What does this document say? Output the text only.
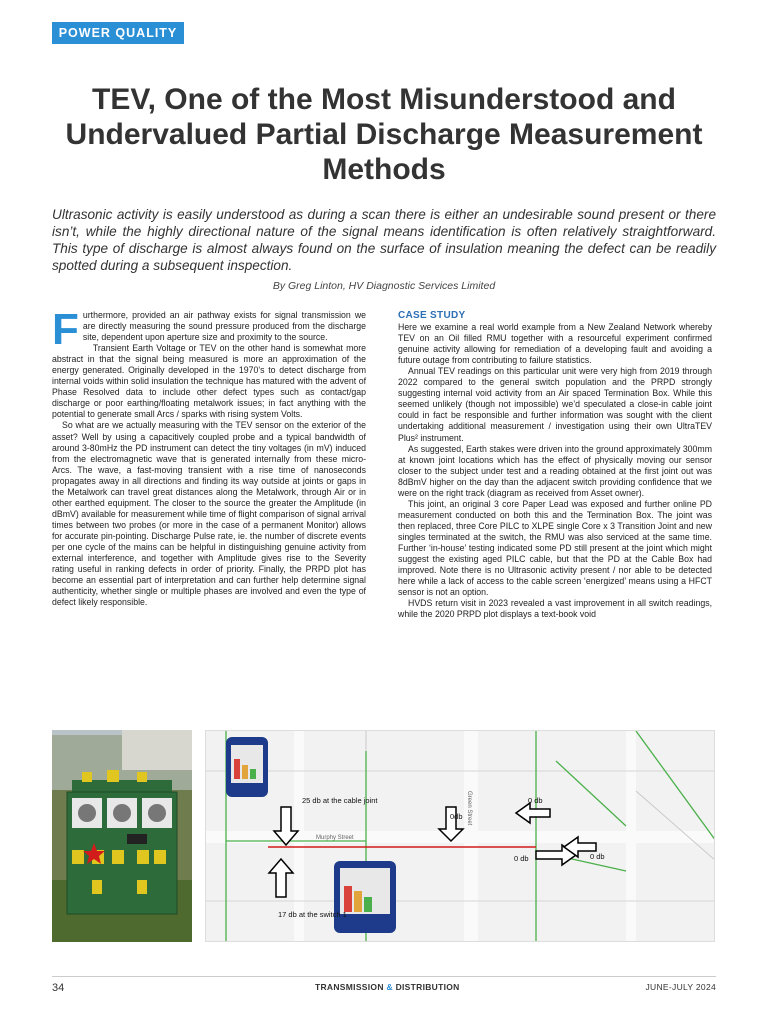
POWER QUALITY
TEV, One of the Most Misunderstood and Undervalued Partial Discharge Measurement Methods

Ultrasonic activity is easily understood as during a scan there is either an undesirable sound present or there isn’t, while the highly directional nature of the signal means identification is often relatively straightforward. This type of discharge is almost always found on the surface of insulation meaning the defect can be readily spotted during a subsequent inspection.

By Greg Linton, HV Diagnostic Services Limited

Furthermore, provided an air pathway exists for signal transmission we are directly measuring the sound pressure produced from the discharge site, dependent upon aperture size and proximity to the source.

Transient Earth Voltage or TEV on the other hand is somewhat more abstract in that the signal being measured is more an approximation of the energy generated. Originally developed in the 1970’s to detect discharge from internal voids within solid insulation the technique has matured with the advent of Phase Resolved data to include other defect types such as contact/gap discharge or poor earthing/floating metalwork issues; in fact anything with the potential to generate small Arcs / sparks with rising system Volts.

So what are we actually measuring with the TEV sensor on the exterior of the asset? Well by using a capacitively coupled probe and a typical bandwidth of around 3-80mHz the PD instrument can detect the tiny voltages (in mV) induced from the electromagnetic wave that is generated internally from these micro-Arcs. The wave, a fast-moving transient with a rise time of nanoseconds propagates away in all directions and finding its way outside at joints or gaps in the Metalwork can travel great distances along the Metalwork, through Air or in other earthed equipment. The closer to the source the greater the Amplitude (in dBmV) available for measurement while time of flight comparison of signal arrival times between two probes (or more in the case of a permanent Monitor) allows for accurate pin-pointing. Discharge Pulse rate, ie. the number of discrete events per one cycle of the mains can be helpful in distinguishing genuine activity from external interference, and together with Amplitude gives rise to the Severity rating useful in ranking defects in order of priority. Finally, the PRPD plot has become an essential part of interpretation and can further help determine signal authenticity, whether single or multiple phases are involved and even the type of defect likely responsible.

CASE STUDY

Here we examine a real world example from a New Zealand Network whereby TEV on an Oil filled RMU together with a resourceful experiment confirmed genuine activity allowing for remediation of a developing fault and avoiding a future outage from contributing to failure statistics.

Annual TEV readings on this particular unit were very high from 2019 through 2022 compared to the general switch population and the PRPD strongly suggesting internal void activity from an Air spaced Termination Box. While this seemed unlikely (though not impossible) we’d speculated a close-in cable joint could in fact be responsible and further information was sought with the client undertaking additional measurement / investigation using their own UltraTEV Plus² instrument.

As suggested, Earth stakes were driven into the ground approximately 300mm at known joint locations which has the effect of physically moving our sensor closer to the subject under test and a reading obtained at the first joint out was 8dBmV higher on the day than the adjacent switch providing confidence that we were on the right track (diagram as received from Asset owner).

This joint, an original 3 core Paper Lead was exposed and further online PD measurement conducted on both this and the Termination Box. The joint was then replaced, three Core PILC to XLPE single Core x 3 Transition Joint and new singles terminated at the switch, the RMU was also serviced at the same time. Further ‘in-house’ testing indicated some PD still present at the joint which might suggest the existing aged PILC cable, but that the PD at the Cable Box had improved. Note there is no Ultrasonic activity present / nor able to be detected here while a lack of access to the cable screen ‘energized’ means using a HFCT sensor is not an option.

HVDS return visit in 2023 revealed a vast improvement in all switch readings, while the 2020 PRPD plot displays a text-book void

Murphy Street
Green Street
25 db at the cable joint
17 db at the switch 1
0db
0 db
0 db
0 db
34	TRANSMISSION & DISTRIBUTION	JUNE-JULY 2024
